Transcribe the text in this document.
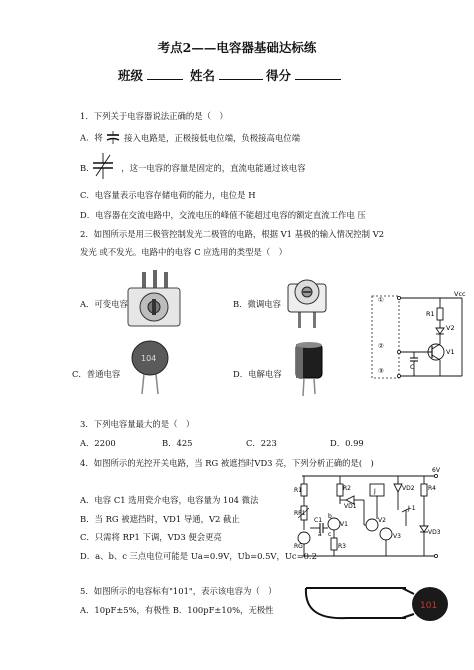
考点2——电容器基础达标练
班级	姓名	得分
1．下列关于电容器说法正确的是（　）
A．将	接入电路是，正极接低电位端，负极接高电位端
B．	，这一电容的容量是固定的，直流电能通过该电容
C．电容量表示电容存储电荷的能力，电位是 H
D．电容器在交流电路中，交流电压的峰值不能超过电容的额定直流工作电 压
2．如图所示是用三极管控制发光二极管的电路，根据 V1 基极的输入情况控制 V2
发光 或不发光。电路中的电容 C 应选用的类型是（　）
A．可变电容	B．微调电容
104
C．普通电容	D．电解电容
Vcc
R1
V2
V1
C
①
②
③
3．下列电容量最大的是（　）
A．2200	B．425	C．223	D．0.99
4．如图所示的光控开关电路，当 RG 被遮挡时VD3 亮，下列分析正确的是(　)
A．电容 C1 选用瓷介电容，电容量为 104 微法
B．当 RG 被遮挡时，VD1 导通，V2 截止
C．只需将 RP1 下调，VD3 便会更亮
D．a、b、c 三点电位可能是 Ua=0.9V，Ub=0.5V，Uc=0.2
6V
R1	R2
RP1
C1
VD1
V1
a
b
c
RG	R3
J	VD2 R4
J-1
V2
V3
VD3
5．如图所示的电容标有"101"，表示该电容为（　）
A．10pF±5%，有极性 B．100pF±10%，无极性	101
